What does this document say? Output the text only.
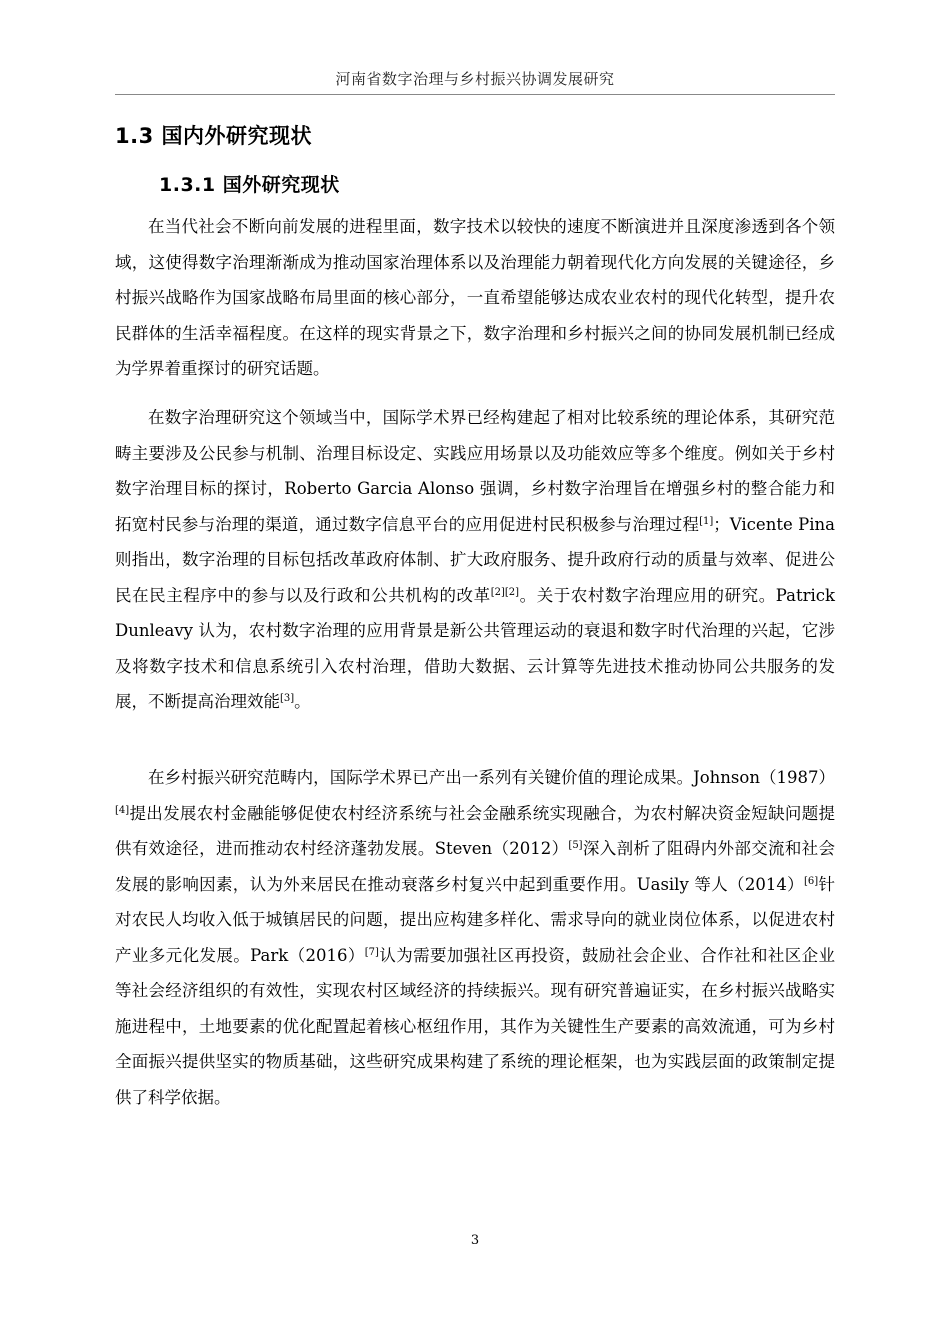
河南省数字治理与乡村振兴协调发展研究
1.3 国内外研究现状
1.3.1 国外研究现状

在当代社会不断向前发展的进程里面，数字技术以较快的速度不断演进并且深度渗透到各个领域，这使得数字治理渐渐成为推动国家治理体系以及治理能力朝着现代化方向发展的关键途径，乡村振兴战略作为国家战略布局里面的核心部分，一直希望能够达成农业农村的现代化转型，提升农民群体的生活幸福程度。在这样的现实背景之下，数字治理和乡村振兴之间的协同发展机制已经成为学界着重探讨的研究话题。

在数字治理研究这个领域当中，国际学术界已经构建起了相对比较系统的理论体系，其研究范畴主要涉及公民参与机制、治理目标设定、实践应用场景以及功能效应等多个维度。例如关于乡村数字治理目标的探讨，Roberto Garcia Alonso 强调，乡村数字治理旨在增强乡村的整合能力和拓宽村民参与治理的渠道，通过数字信息平台的应用促进村民积极参与治理过程[1]；Vicente Pina 则指出，数字治理的目标包括改革政府体制、扩大政府服务、提升政府行动的质量与效率、促进公民在民主程序中的参与以及行政和公共机构的改革[2][2]。关于农村数字治理应用的研究。Patrick Dunleavy 认为，农村数字治理的应用背景是新公共管理运动的衰退和数字时代治理的兴起，它涉及将数字技术和信息系统引入农村治理，借助大数据、云计算等先进技术推动协同公共服务的发展，不断提高治理效能[3]。

在乡村振兴研究范畴内，国际学术界已产出一系列有关键价值的理论成果。Johnson（1987）[4]提出发展农村金融能够促使农村经济系统与社会金融系统实现融合，为农村解决资金短缺问题提供有效途径，进而推动农村经济蓬勃发展。Steven（2012）[5]深入剖析了阻碍内外部交流和社会发展的影响因素，认为外来居民在推动衰落乡村复兴中起到重要作用。Uasily 等人（2014）[6]针对农民人均收入低于城镇居民的问题，提出应构建多样化、需求导向的就业岗位体系，以促进农村产业多元化发展。Park（2016）[7]认为需要加强社区再投资，鼓励社会企业、合作社和社区企业等社会经济组织的有效性，实现农村区域经济的持续振兴。现有研究普遍证实，在乡村振兴战略实施进程中，土地要素的优化配置起着核心枢纽作用，其作为关键性生产要素的高效流通，可为乡村全面振兴提供坚实的物质基础，这些研究成果构建了系统的理论框架，也为实践层面的政策制定提供了科学依据。

3
